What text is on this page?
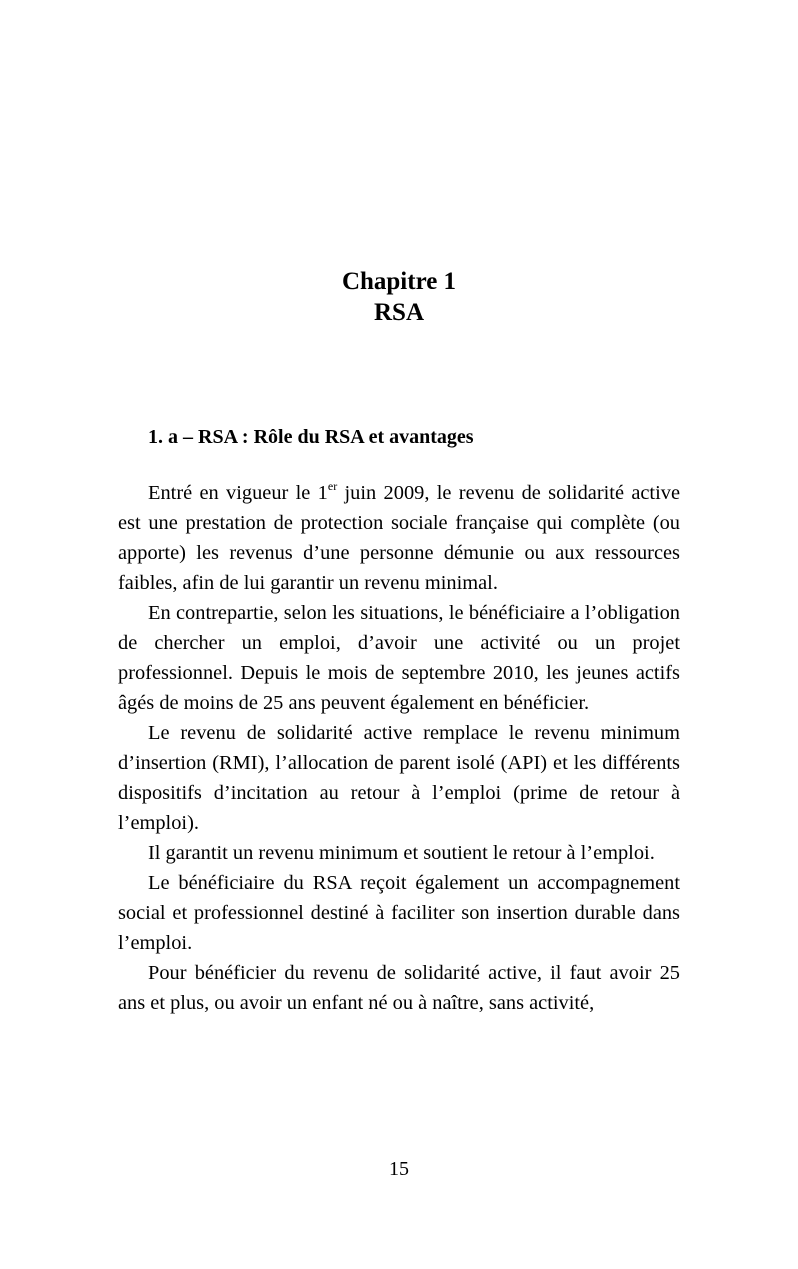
Chapitre 1
RSA
1. a – RSA : Rôle du RSA et avantages

Entré en vigueur le 1er juin 2009, le revenu de solidarité active est une prestation de protection sociale française qui complète (ou apporte) les revenus d’une personne démunie ou aux ressources faibles, afin de lui garantir un revenu minimal.

En contrepartie, selon les situations, le bénéficiaire a l’obligation de chercher un emploi, d’avoir une activité ou un projet professionnel. Depuis le mois de septembre 2010, les jeunes actifs âgés de moins de 25 ans peuvent également en bénéficier.

Le revenu de solidarité active remplace le revenu minimum d’insertion (RMI), l’allocation de parent isolé (API) et les différents dispositifs d’incitation au retour à l’emploi (prime de retour à l’emploi).

Il garantit un revenu minimum et soutient le retour à l’emploi.

Le bénéficiaire du RSA reçoit également un accompagnement social et professionnel destiné à faciliter son insertion durable dans l’emploi.

Pour bénéficier du revenu de solidarité active, il faut avoir 25 ans et plus, ou avoir un enfant né ou à naître, sans activité,

15
